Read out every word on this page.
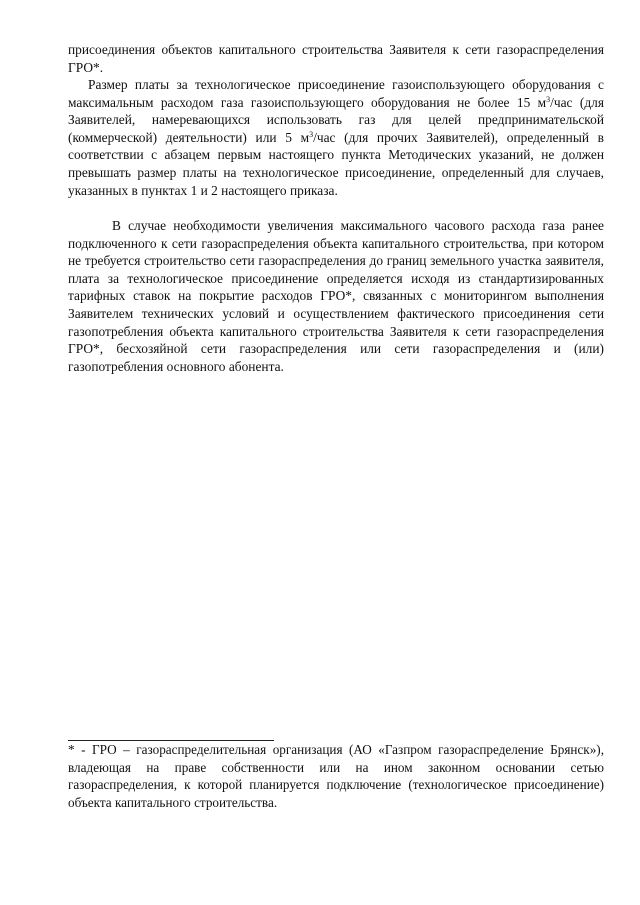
присоединения объектов капитального строительства Заявителя к сети газораспределения ГРО*.

Размер платы за технологическое присоединение газоиспользующего оборудования с максимальным расходом газа газоиспользующего оборудования не более 15 $м^3$/час (для Заявителей, намеревающихся использовать газ для целей предпринимательской (коммерческой) деятельности) или 5 $м^3$/час (для прочих Заявителей), определенный в соответствии с абзацем первым настоящего пункта Методических указаний, не должен превышать размер платы на технологическое присоединение, определенный для случаев, указанных в пунктах 1 и 2 настоящего приказа.

В случае необходимости увеличения максимального часового расхода газа ранее подключенного к сети газораспределения объекта капитального строительства, при котором не требуется строительство сети газораспределения до границ земельного участка заявителя, плата за технологическое присоединение определяется исходя из стандартизированных тарифных ставок на покрытие расходов ГРО*, связанных с мониторингом выполнения Заявителем технических условий и осуществлением фактического присоединения сети газопотребления объекта капитального строительства Заявителя к сети газораспределения ГРО*, бесхозяйной сети газораспределения или сети газораспределения и (или) газопотребления основного абонента.

* - ГРО – газораспределительная организация (АО «Газпром газораспределение Брянск»), владеющая на праве собственности или на ином законном основании сетью газораспределения, к которой планируется подключение (технологическое присоединение) объекта капитального строительства.
